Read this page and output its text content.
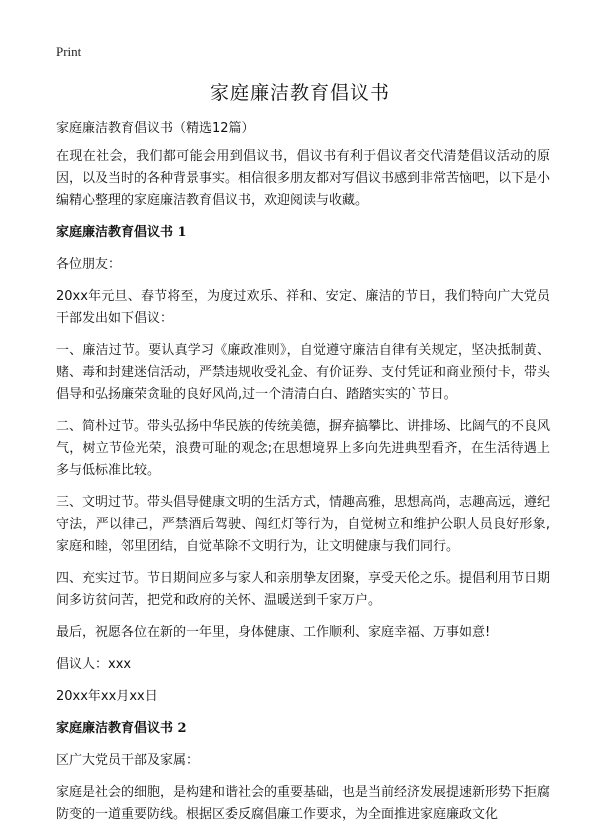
Print
家庭廉洁教育倡议书

家庭廉洁教育倡议书（精选12篇）

在现在社会，我们都可能会用到倡议书，倡议书有利于倡议者交代清楚倡议活动的原因，以及当时的各种背景事实。相信很多朋友都对写倡议书感到非常苦恼吧，以下是小编精心整理的家庭廉洁教育倡议书，欢迎阅读与收藏。

家庭廉洁教育倡议书 1

各位朋友：

20xx年元旦、春节将至，为度过欢乐、祥和、安定、廉洁的节日，我们特向广大党员干部发出如下倡议：

一、廉洁过节。要认真学习《廉政准则》，自觉遵守廉洁自律有关规定，坚决抵制黄、赌、毒和封建迷信活动，严禁违规收受礼金、有价证券、支付凭证和商业预付卡，带头倡导和弘扬廉荣贪耻的良好风尚,过一个清清白白、踏踏实实的`节日。

二、简朴过节。带头弘扬中华民族的传统美德，摒弃搞攀比、讲排场、比阔气的不良风气，树立节俭光荣，浪费可耻的观念;在思想境界上多向先进典型看齐，在生活待遇上多与低标准比较。

三、文明过节。带头倡导健康文明的生活方式，情趣高雅，思想高尚，志趣高远，遵纪守法，严以律己，严禁酒后驾驶、闯红灯等行为，自觉树立和维护公职人员良好形象,家庭和睦，邻里团结，自觉革除不文明行为，让文明健康与我们同行。

四、充实过节。节日期间应多与家人和亲朋挚友团聚，享受天伦之乐。提倡利用节日期间多访贫问苦，把党和政府的关怀、温暖送到千家万户。

最后，祝愿各位在新的一年里，身体健康、工作顺利、家庭幸福、万事如意!

倡议人：xxx

20xx年xx月xx日

家庭廉洁教育倡议书 2

区广大党员干部及家属：

家庭是社会的细胞，是构建和谐社会的重要基础，也是当前经济发展提速新形势下拒腐防变的一道重要防线。根据区委反腐倡廉工作要求，为全面推进家庭廉政文化
